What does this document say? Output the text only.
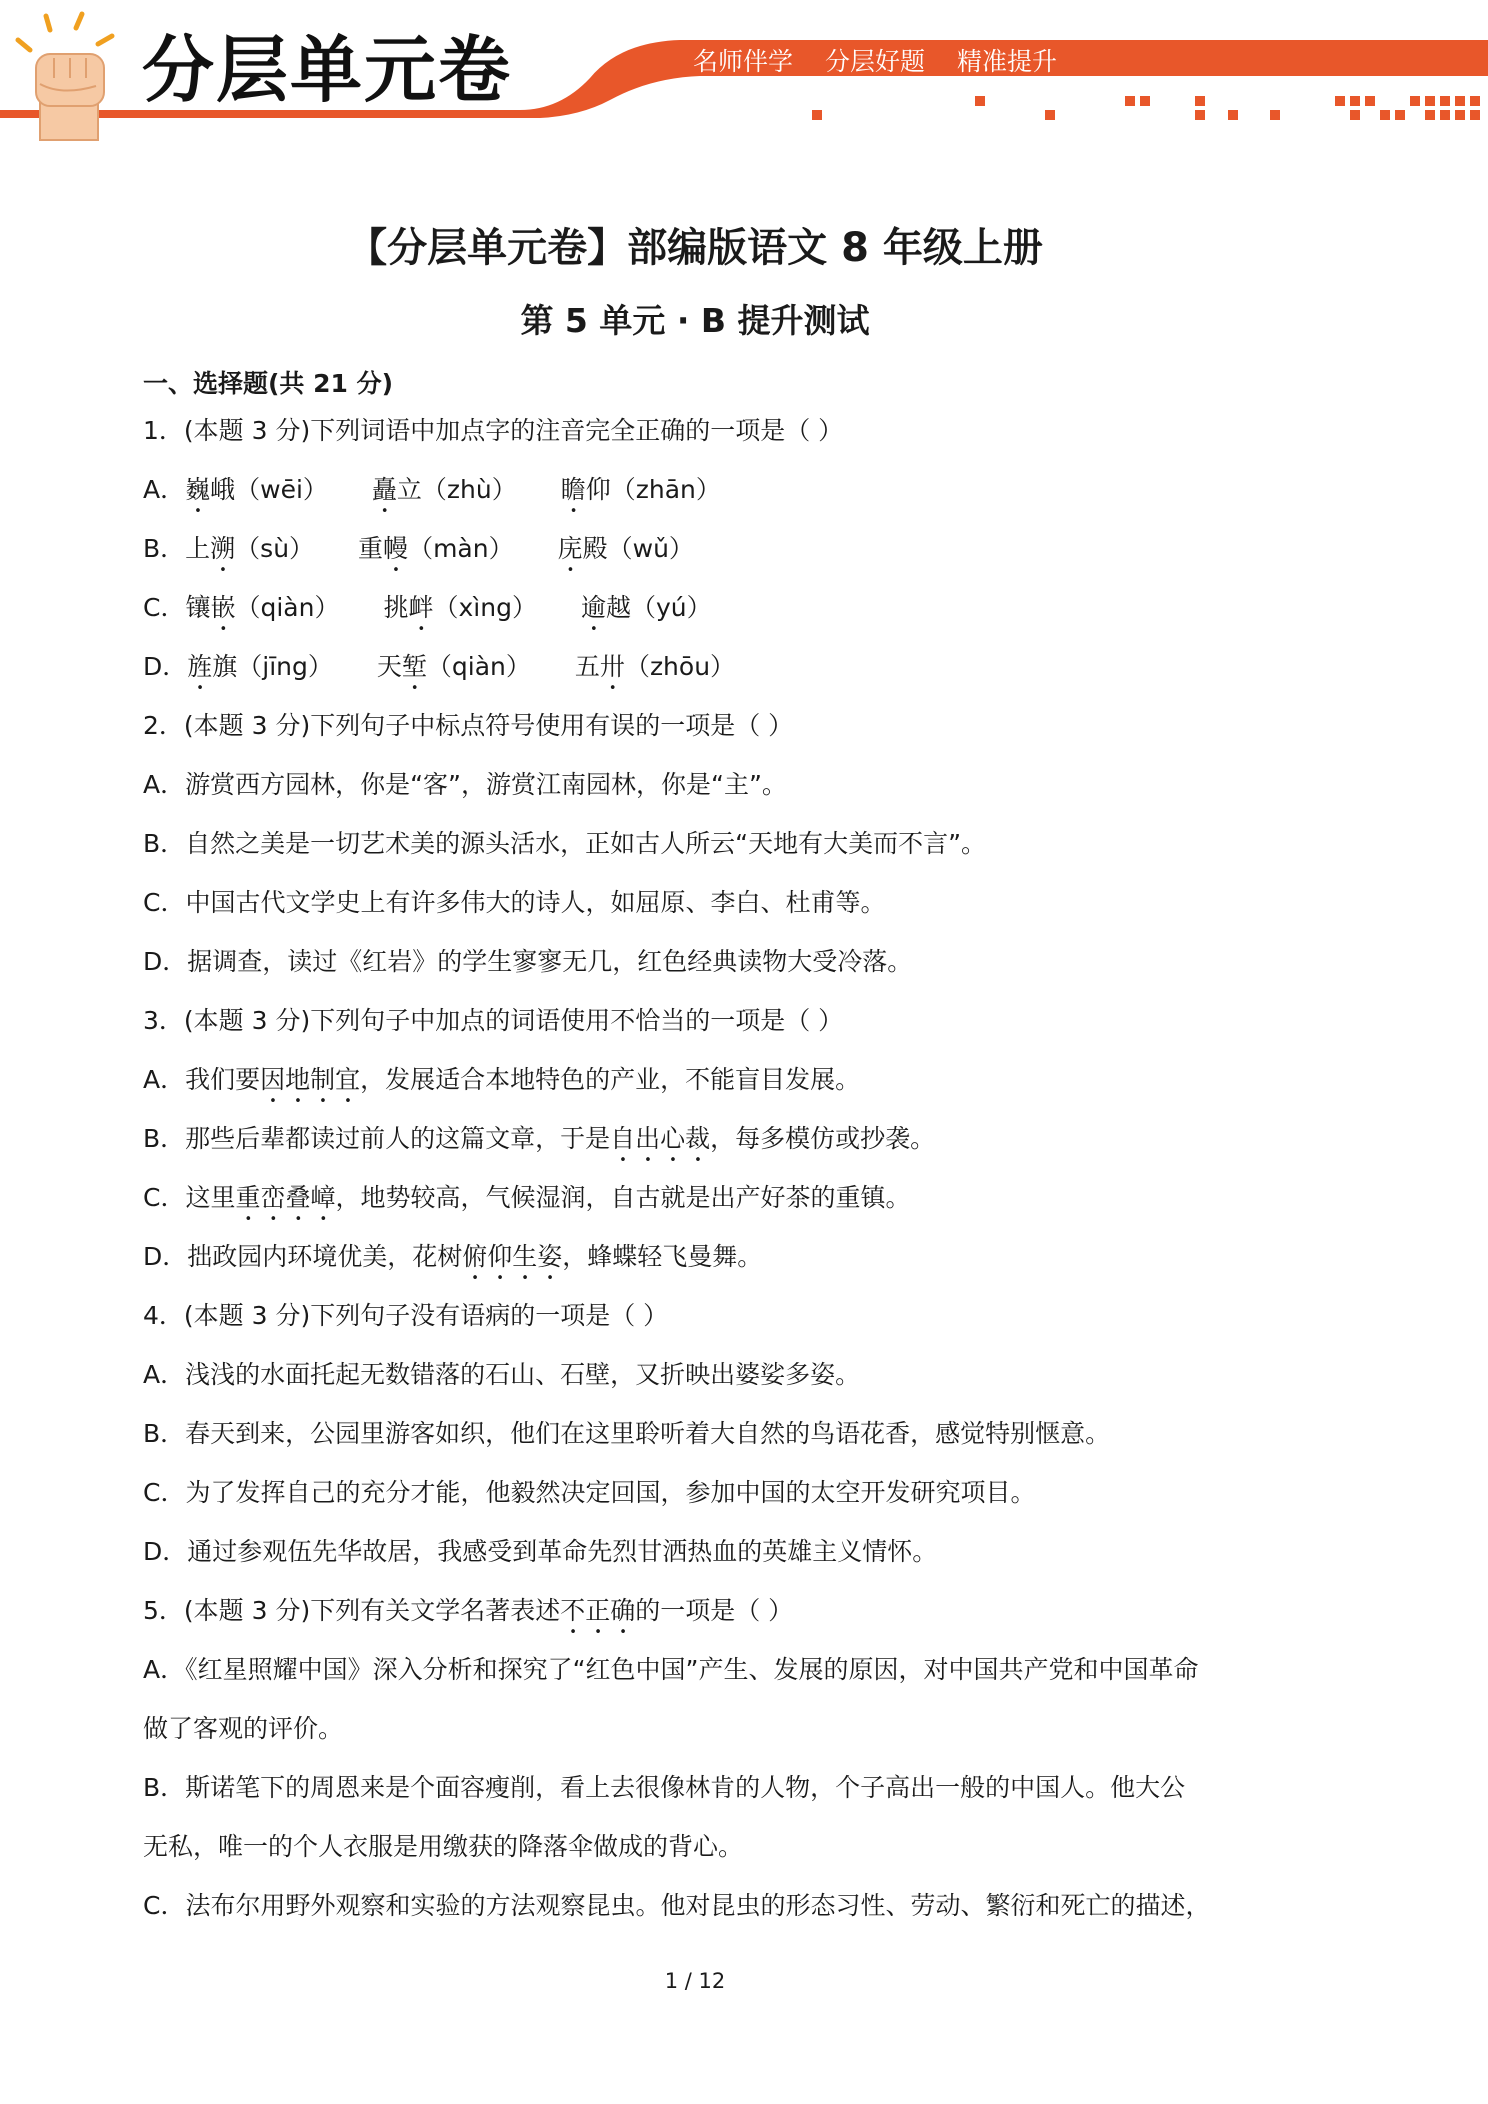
分层单元卷	名师伴学 分层好题 精准提升
【分层单元卷】部编版语文 8 年级上册
第 5 单元 · B 提升测试
一、选择题(共 21 分)
1．(本题 3 分)下列词语中加点字的注音完全正确的一项是（ ）
A．巍峨（wēi） 矗立（zhù） 瞻仰（zhān）
B．上溯（sù） 重幔（màn） 庑殿（wǔ）
C．镶嵌（qiàn） 挑衅（xìng） 逾越（yú）
D．旌旗（jīng） 天堑（qiàn） 五卅（zhōu）
2．(本题 3 分)下列句子中标点符号使用有误的一项是（ ）
A．游赏西方园林，你是“客”，游赏江南园林，你是“主”。
B．自然之美是一切艺术美的源头活水，正如古人所云“天地有大美而不言”。
C．中国古代文学史上有许多伟大的诗人，如屈原、李白、杜甫等。
D．据调查，读过《红岩》的学生寥寥无几，红色经典读物大受冷落。
3．(本题 3 分)下列句子中加点的词语使用不恰当的一项是（ ）
A．我们要因地制宜，发展适合本地特色的产业，不能盲目发展。
B．那些后辈都读过前人的这篇文章，于是自出心裁，每多模仿或抄袭。
C．这里重峦叠嶂，地势较高，气候湿润，自古就是出产好茶的重镇。
D．拙政园内环境优美，花树俯仰生姿，蜂蝶轻飞曼舞。
4．(本题 3 分)下列句子没有语病的一项是（ ）
A．浅浅的水面托起无数错落的石山、石壁，又折映出婆娑多姿。
B．春天到来，公园里游客如织，他们在这里聆听着大自然的鸟语花香，感觉特别惬意。
C．为了发挥自己的充分才能，他毅然决定回国，参加中国的太空开发研究项目。
D．通过参观伍先华故居，我感受到革命先烈甘洒热血的英雄主义情怀。
5．(本题 3 分)下列有关文学名著表述不正确的一项是（ ）
A．《红星照耀中国》深入分析和探究了“红色中国”产生、发展的原因，对中国共产党和中国革命
做了客观的评价。
B．斯诺笔下的周恩来是个面容瘦削，看上去很像林肯的人物，个子高出一般的中国人。他大公
无私，唯一的个人衣服是用缴获的降落伞做成的背心。
C．法布尔用野外观察和实验的方法观察昆虫。他对昆虫的形态习性、劳动、繁衍和死亡的描述，
1 / 12
